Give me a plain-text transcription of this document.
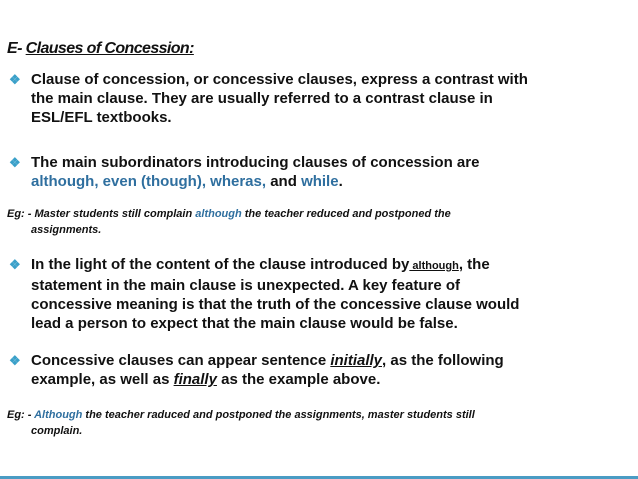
E- Clauses of Concession:
❖ Clause of concession, or concessive clauses, express a contrast with
the main clause. They are usually referred to a contrast clause in
ESL/EFL textbooks.
❖ The main subordinators introducing clauses of concession are
although, even (though), wheras, and while.
Eg: - Master students still complain although the teacher reduced and postponed the
assignments.
❖ In the light of the content of the clause introduced by although, the
statement in the main clause is unexpected. A key feature of
concessive meaning is that the truth of the concessive clause would
lead a person to expect that the main clause would be false.
❖ Concessive clauses can appear sentence initially, as the following
example, as well as finally as the example above.
Eg: - Although the teacher raduced and postponed the assignments, master students still
complain.
